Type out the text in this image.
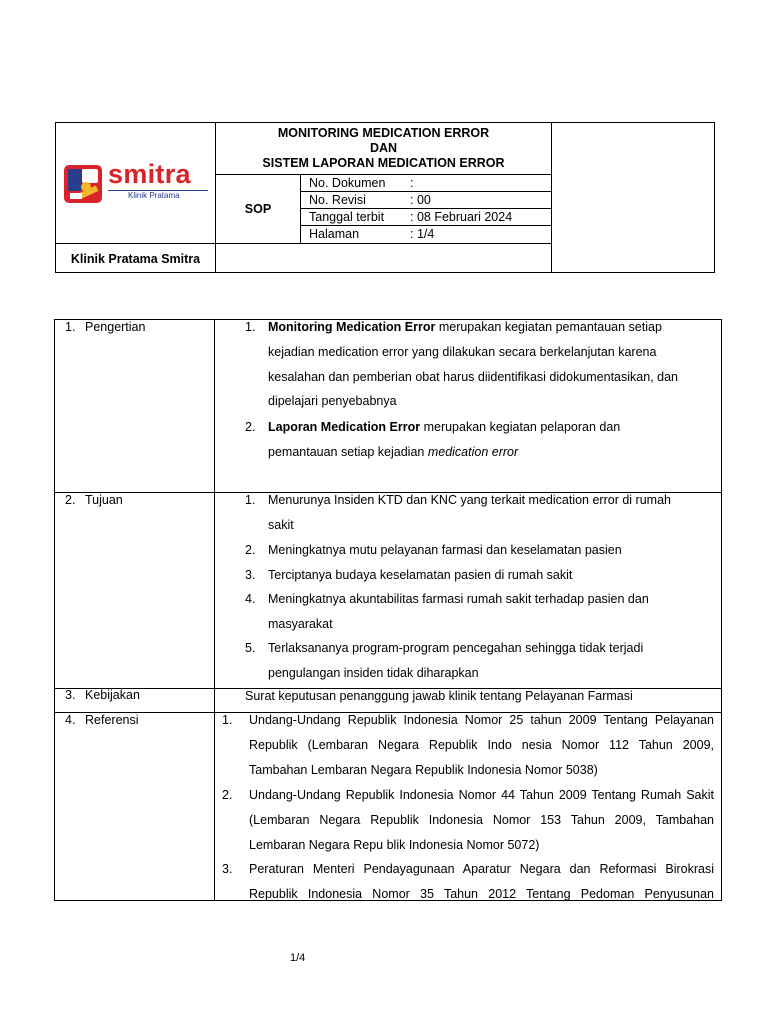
smitra
Klinik Pratama
Klinik Pratama Smitra
MONITORING MEDICATION ERROR
DAN
SISTEM LAPORAN MEDICATION ERROR
SOP
No. Dokumen :
No. Revisi	: 00
Tanggal terbit : 08 Februari 2024
Halaman	: 1/4
1. Pengertian	1. Monitoring Medication Error merupakan kegiatan pemantauan setiap
kejadian medication error yang dilakukan secara berkelanjutan karena
kesalahan dan pemberian obat harus diidentifikasi didokumentasikan, dan
dipelajari penyebabnya
2. Laporan Medication Error merupakan kegiatan pelaporan dan
pemantauan setiap kejadian medication error
2. Tujuan	1. Menurunya Insiden KTD dan KNC yang terkait medication error di rumah
sakit
2. Meningkatnya mutu pelayanan farmasi dan keselamatan pasien
3. Terciptanya budaya keselamatan pasien di rumah sakit
4. Meningkatnya akuntabilitas farmasi rumah sakit terhadap pasien dan
masyarakat
5. Terlaksananya program-program pencegahan sehingga tidak terjadi
pengulangan insiden tidak diharapkan
3. Kebijakan	Surat keputusan penanggung jawab klinik tentang Pelayanan Farmasi
4. Referensi	1. Undang-Undang Republik Indonesia Nomor 25 tahun 2009 Tentang Pelayanan
Republik (Lembaran Negara Republik Indo nesia Nomor 112 Tahun 2009,
Tambahan Lembaran Negara Republik Indonesia Nomor 5038)
2. Undang-Undang Republik Indonesia Nomor 44 Tahun 2009 Tentang Rumah Sakit
(Lembaran Negara Republik Indonesia Nomor 153 Tahun 2009, Tambahan
Lembaran Negara Repu blik Indonesia Nomor 5072)
3. Peraturan Menteri Pendayagunaan Aparatur Negara dan Reformasi Birokrasi
Republik Indonesia Nomor 35 Tahun 2012 Tentang Pedoman Penyusunan
1/4
